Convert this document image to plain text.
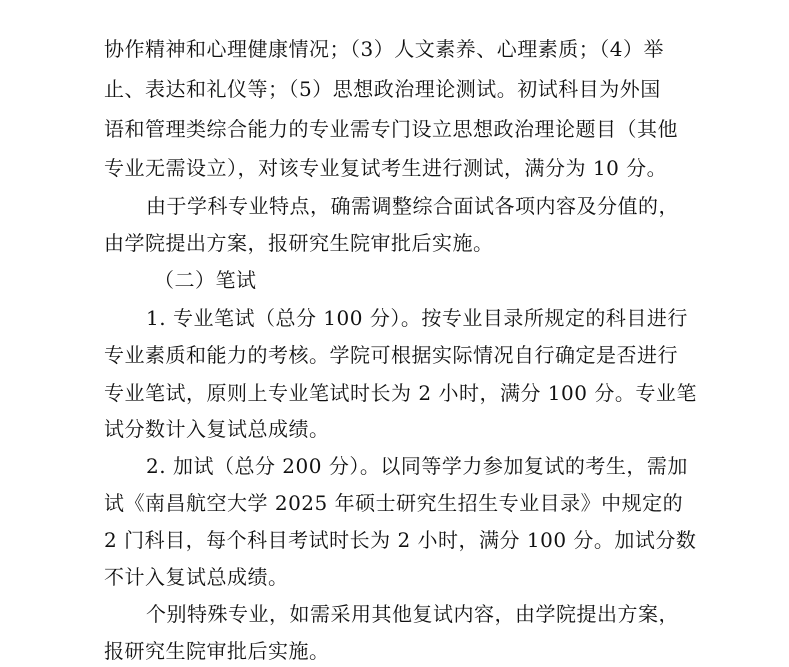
协作精神和心理健康情况；（3）人文素养、心理素质；（4）举
止、表达和礼仪等；（5）思想政治理论测试。初试科目为外国
语和管理类综合能力的专业需专门设立思想政治理论题目（其他
专业无需设立），对该专业复试考生进行测试，满分为 10 分。
由于学科专业特点，确需调整综合面试各项内容及分值的，
由学院提出方案，报研究生院审批后实施。
（二）笔试
1. 专业笔试（总分 100 分）。按专业目录所规定的科目进行
专业素质和能力的考核。学院可根据实际情况自行确定是否进行
专业笔试，原则上专业笔试时长为 2 小时，满分 100 分。专业笔
试分数计入复试总成绩。
2. 加试（总分 200 分）。以同等学力参加复试的考生，需加
试《南昌航空大学 2025 年硕士研究生招生专业目录》中规定的
2 门科目，每个科目考试时长为 2 小时，满分 100 分。加试分数
不计入复试总成绩。
个别特殊专业，如需采用其他复试内容，由学院提出方案，
报研究生院审批后实施。
